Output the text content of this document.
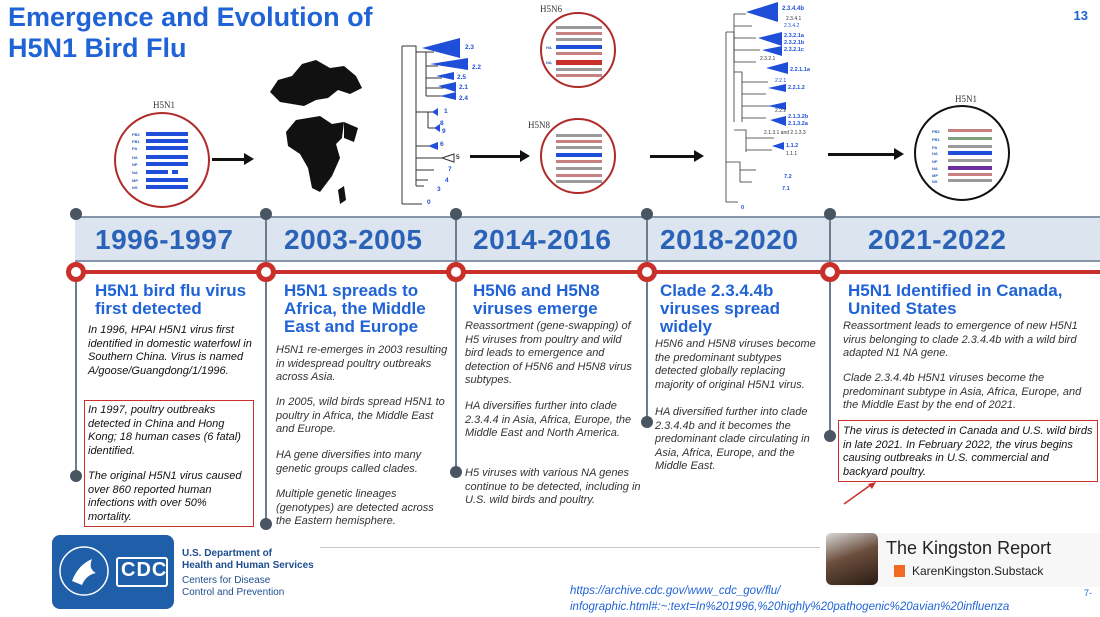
Emergence and Evolution of H5N1 Bird Flu
13
H5N1
PB2
PB1
PA
HA
NP
NA
MP
NS
2.3
2.2
2.5
2.1
2.4
1
8
9
6
5
7
4
3
0
H5N6
HA
NA
H5N8
2.3.4.4b
2.3.4.1
2.3.4.2
2.3.2.1a
2.3.2.1b
2.3.2.1c
2.3.2.1
2.2.1.1a
2.2.1.2
2.2.1
2.2.2
2.1.3.2b
2.1.3.2a
2.1.3.1 and 2.1.3.3
1.1.2
1.1.1
7.2
7.1
0
H5N1
PB2
PB1
PA
HA
NP
NA
MP
NS
1996-1997 2003-2005 2014-2016 2018-2020 2021-2022
H5N1 bird flu virus first detected
In 1996, HPAI H5N1 virus first identified in domestic waterfowl in Southern China. Virus is named A/goose/Guangdong/1/1996.
In 1997, poultry outbreaks detected in China and Hong Kong; 18 human cases (6 fatal) identified.
The original H5N1 virus caused over 860 reported human infections with over 50% mortality.
H5N1 spreads to Africa, the Middle East and Europe
H5N1 re-emerges in 2003 resulting in widespread poultry outbreaks across Asia.
In 2005, wild birds spread H5N1 to poultry in Africa, the Middle East and Europe.
HA gene diversifies into many genetic groups called clades.
Multiple genetic lineages (genotypes) are detected across the Eastern hemisphere.
H5N6 and H5N8 viruses emerge
Reassortment (gene-swapping) of H5 viruses from poultry and wild bird leads to emergence and detection of H5N6 and H5N8 virus subtypes.
HA diversifies further into clade 2.3.4.4 in Asia, Africa, Europe, the Middle East and North America.
H5 viruses with various NA genes continue to be detected, including in U.S. wild birds and poultry.
Clade 2.3.4.4b viruses spread widely
H5N6 and H5N8 viruses become the predominant subtypes detected globally replacing majority of original H5N1 virus.
HA diversified further into clade 2.3.4.4b and it becomes the predominant clade circulating in Asia, Africa, Europe, and the Middle East.
H5N1 Identified in Canada, United States
Reassortment leads to emergence of new H5N1 virus belonging to clade 2.3.4.4b with a wild bird adapted N1 NA gene.
Clade 2.3.4.4b H5N1 viruses become the predominant subtype in Asia, Africa, Europe, and the Middle East by the end of 2021.
The virus is detected in Canada and U.S. wild birds in late 2021. In February 2022, the virus begins causing outbreaks in U.S. commercial and backyard poultry.
CDC
U.S. Department of
Health and Human Services
Centers for Disease
Control and Prevention	https://archive.cdc.gov/www_cdc_gov/flu/
infographic.html#:~:text=In%201996,%20highly%20pathogenic%20avian%20influenza
7-
The Kingston Report
KarenKingston.Substack
